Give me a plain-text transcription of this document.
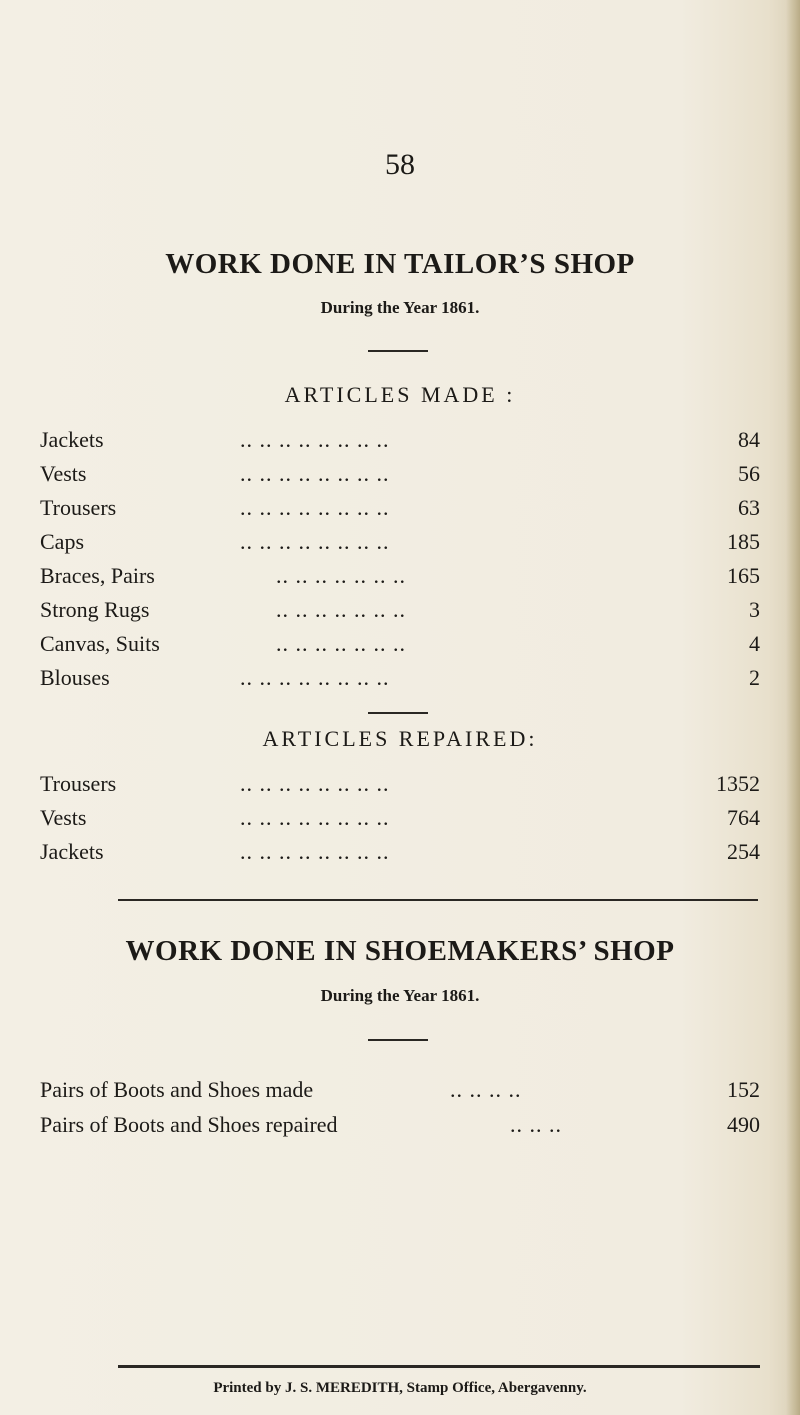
58
WORK DONE IN TAILOR’S SHOP
During the Year 1861.
ARTICLES MADE :
Jackets	.. .. .. .. .. .. .. ..	84
Vests	.. .. .. .. .. .. .. ..	56
Trousers	.. .. .. .. .. .. .. ..	63
Caps	.. .. .. .. .. .. .. ..	185
Braces, Pairs	.. .. .. .. .. .. ..	165
Strong Rugs	.. .. .. .. .. .. ..	3
Canvas, Suits	.. .. .. .. .. .. ..	4
Blouses	.. .. .. .. .. .. .. ..	2
ARTICLES REPAIRED:
Trousers	.. .. .. .. .. .. .. ..	1352
Vests	.. .. .. .. .. .. .. ..	764
Jackets	.. .. .. .. .. .. .. ..	254
WORK DONE IN SHOEMAKERS’ SHOP
During the Year 1861.
Pairs of Boots and Shoes made	.. .. .. ..	152
Pairs of Boots and Shoes repaired	.. .. ..	490
Printed by J. S. MEREDITH, Stamp Office, Abergavenny.
